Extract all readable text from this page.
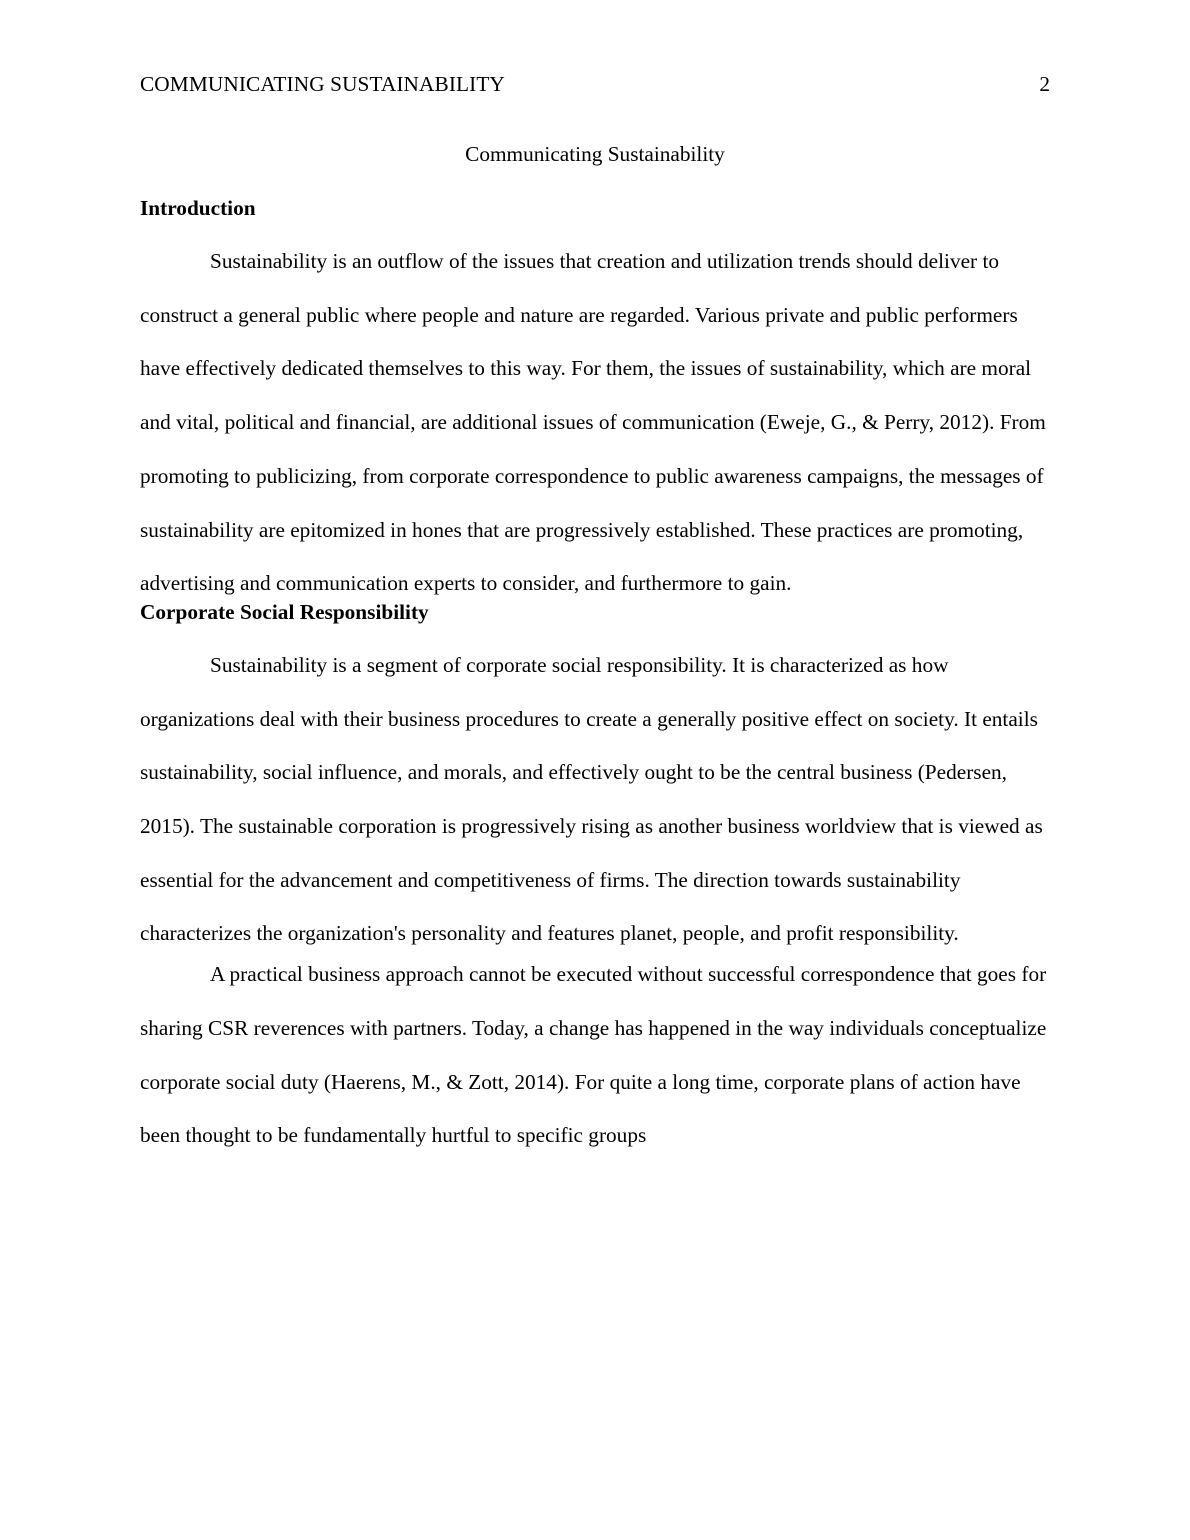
COMMUNICATING SUSTAINABILITY	2
Communicating Sustainability
Introduction

Sustainability is an outflow of the issues that creation and utilization trends should deliver to construct a general public where people and nature are regarded. Various private and public performers have effectively dedicated themselves to this way. For them, the issues of sustainability, which are moral and vital, political and financial, are additional issues of communication (Eweje, G., & Perry, 2012). From promoting to publicizing, from corporate correspondence to public awareness campaigns, the messages of sustainability are epitomized in hones that are progressively established. These practices are promoting, advertising and communication experts to consider, and furthermore to gain.

Corporate Social Responsibility

Sustainability is a segment of corporate social responsibility. It is characterized as how organizations deal with their business procedures to create a generally positive effect on society. It entails sustainability, social influence, and morals, and effectively ought to be the central business (Pedersen, 2015). The sustainable corporation is progressively rising as another business worldview that is viewed as essential for the advancement and competitiveness of firms. The direction towards sustainability characterizes the organization's personality and features planet, people, and profit responsibility.

A practical business approach cannot be executed without successful correspondence that goes for sharing CSR reverences with partners. Today, a change has happened in the way individuals conceptualize corporate social duty (Haerens, M., & Zott, 2014). For quite a long time, corporate plans of action have been thought to be fundamentally hurtful to specific groups
